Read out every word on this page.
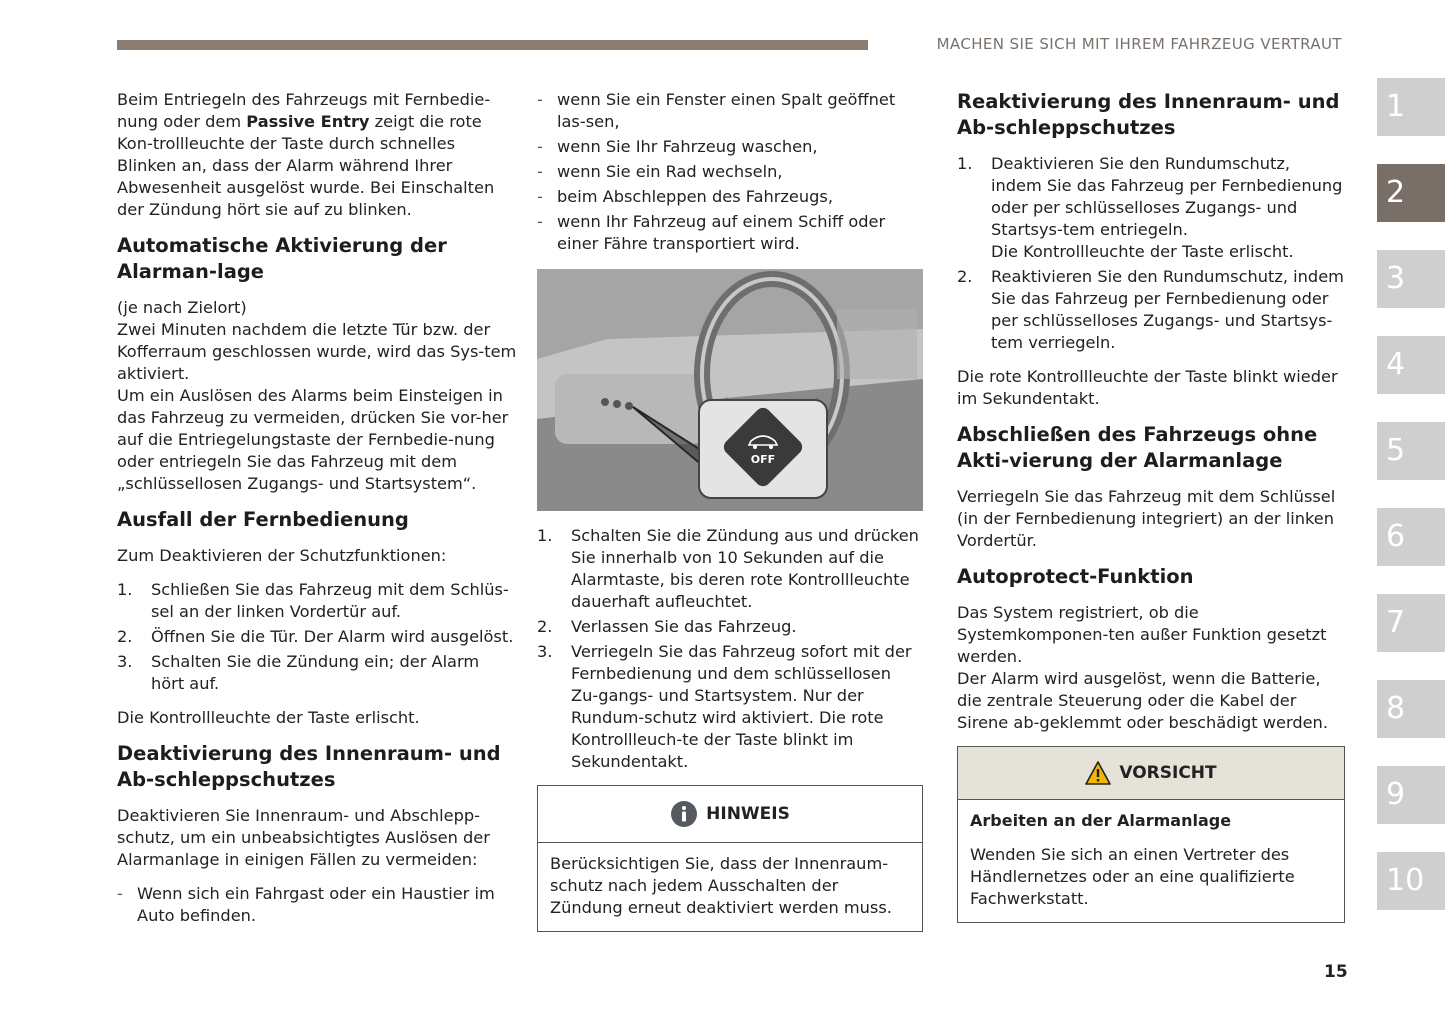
MACHEN SIE SICH MIT IHREM FAHRZEUG VERTRAUT

Beim Entriegeln des Fahrzeugs mit Fernbedie-nung oder dem Passive Entry zeigt die rote Kon-trollleuchte der Taste durch schnelles Blinken an, dass der Alarm während Ihrer Abwesenheit ausgelöst wurde. Bei Einschalten der Zündung hört sie auf zu blinken.

Automatische Aktivierung der Alarman-lage

(je nach Zielort)
Zwei Minuten nachdem die letzte Tür bzw. der Kofferraum geschlossen wurde, wird das Sys-tem aktiviert.
Um ein Auslösen des Alarms beim Einsteigen in das Fahrzeug zu vermeiden, drücken Sie vor-her auf die Entriegelungstaste der Fernbedie-nung oder entriegeln Sie das Fahrzeug mit dem „schlüssellosen Zugangs- und Startsystem“.

Ausfall der Fernbedienung

Zum Deaktivieren der Schutzfunktionen:

1. Schließen Sie das Fahrzeug mit dem Schlüs-sel an der linken Vordertür auf.
2. Öffnen Sie die Tür. Der Alarm wird ausgelöst.
3. Schalten Sie die Zündung ein; der Alarm hört auf.

Die Kontrollleuchte der Taste erlischt.

Deaktivierung des Innenraum- und Ab-schleppschutzes

Deaktivieren Sie Innenraum- und Abschlepp-schutz, um ein unbeabsichtigtes Auslösen der Alarmanlage in einigen Fällen zu vermeiden:

- Wenn sich ein Fahrgast oder ein Haustier im Auto befinden.
- wenn Sie ein Fenster einen Spalt geöffnet las-sen,
- wenn Sie Ihr Fahrzeug waschen,
- wenn Sie ein Rad wechseln,
- beim Abschleppen des Fahrzeugs,
- wenn Ihr Fahrzeug auf einem Schiff oder einer Fähre transportiert wird.
OFF
1. Schalten Sie die Zündung aus und drücken Sie innerhalb von 10 Sekunden auf die Alarmtaste, bis deren rote Kontrollleuchte dauerhaft aufleuchtet.
2. Verlassen Sie das Fahrzeug.
3. Verriegeln Sie das Fahrzeug sofort mit der Fernbedienung und dem schlüssellosen Zu-gangs- und Startsystem. Nur der Rundum-schutz wird aktiviert. Die rote Kontrollleuch-te der Taste blinkt im Sekundentakt.
HINWEIS
Berücksichtigen Sie, dass der Innenraum-schutz nach jedem Ausschalten der Zündung erneut deaktiviert werden muss.
Reaktivierung des Innenraum- und Ab-schleppschutzes
1. Deaktivieren Sie den Rundumschutz, indem Sie das Fahrzeug per Fernbedienung oder per schlüsselloses Zugangs- und Startsys-tem entriegeln.
Die Kontrollleuchte der Taste erlischt.
2. Reaktivieren Sie den Rundumschutz, indem Sie das Fahrzeug per Fernbedienung oder per schlüsselloses Zugangs- und Startsys-tem verriegeln.

Die rote Kontrollleuchte der Taste blinkt wieder im Sekundentakt.

Abschließen des Fahrzeugs ohne Akti-vierung der Alarmanlage

Verriegeln Sie das Fahrzeug mit dem Schlüssel (in der Fernbedienung integriert) an der linken Vordertür.

Autoprotect-Funktion

Das System registriert, ob die Systemkomponen-ten außer Funktion gesetzt werden.
Der Alarm wird ausgelöst, wenn die Batterie, die zentrale Steuerung oder die Kabel der Sirene ab-geklemmt oder beschädigt werden.

VORSICHT
Arbeiten an der Alarmanlage
Wenden Sie sich an einen Vertreter des Händlernetzes oder an eine qualifizierte Fachwerkstatt.
1
2
3
4
5
6
7
8
9
10
15
